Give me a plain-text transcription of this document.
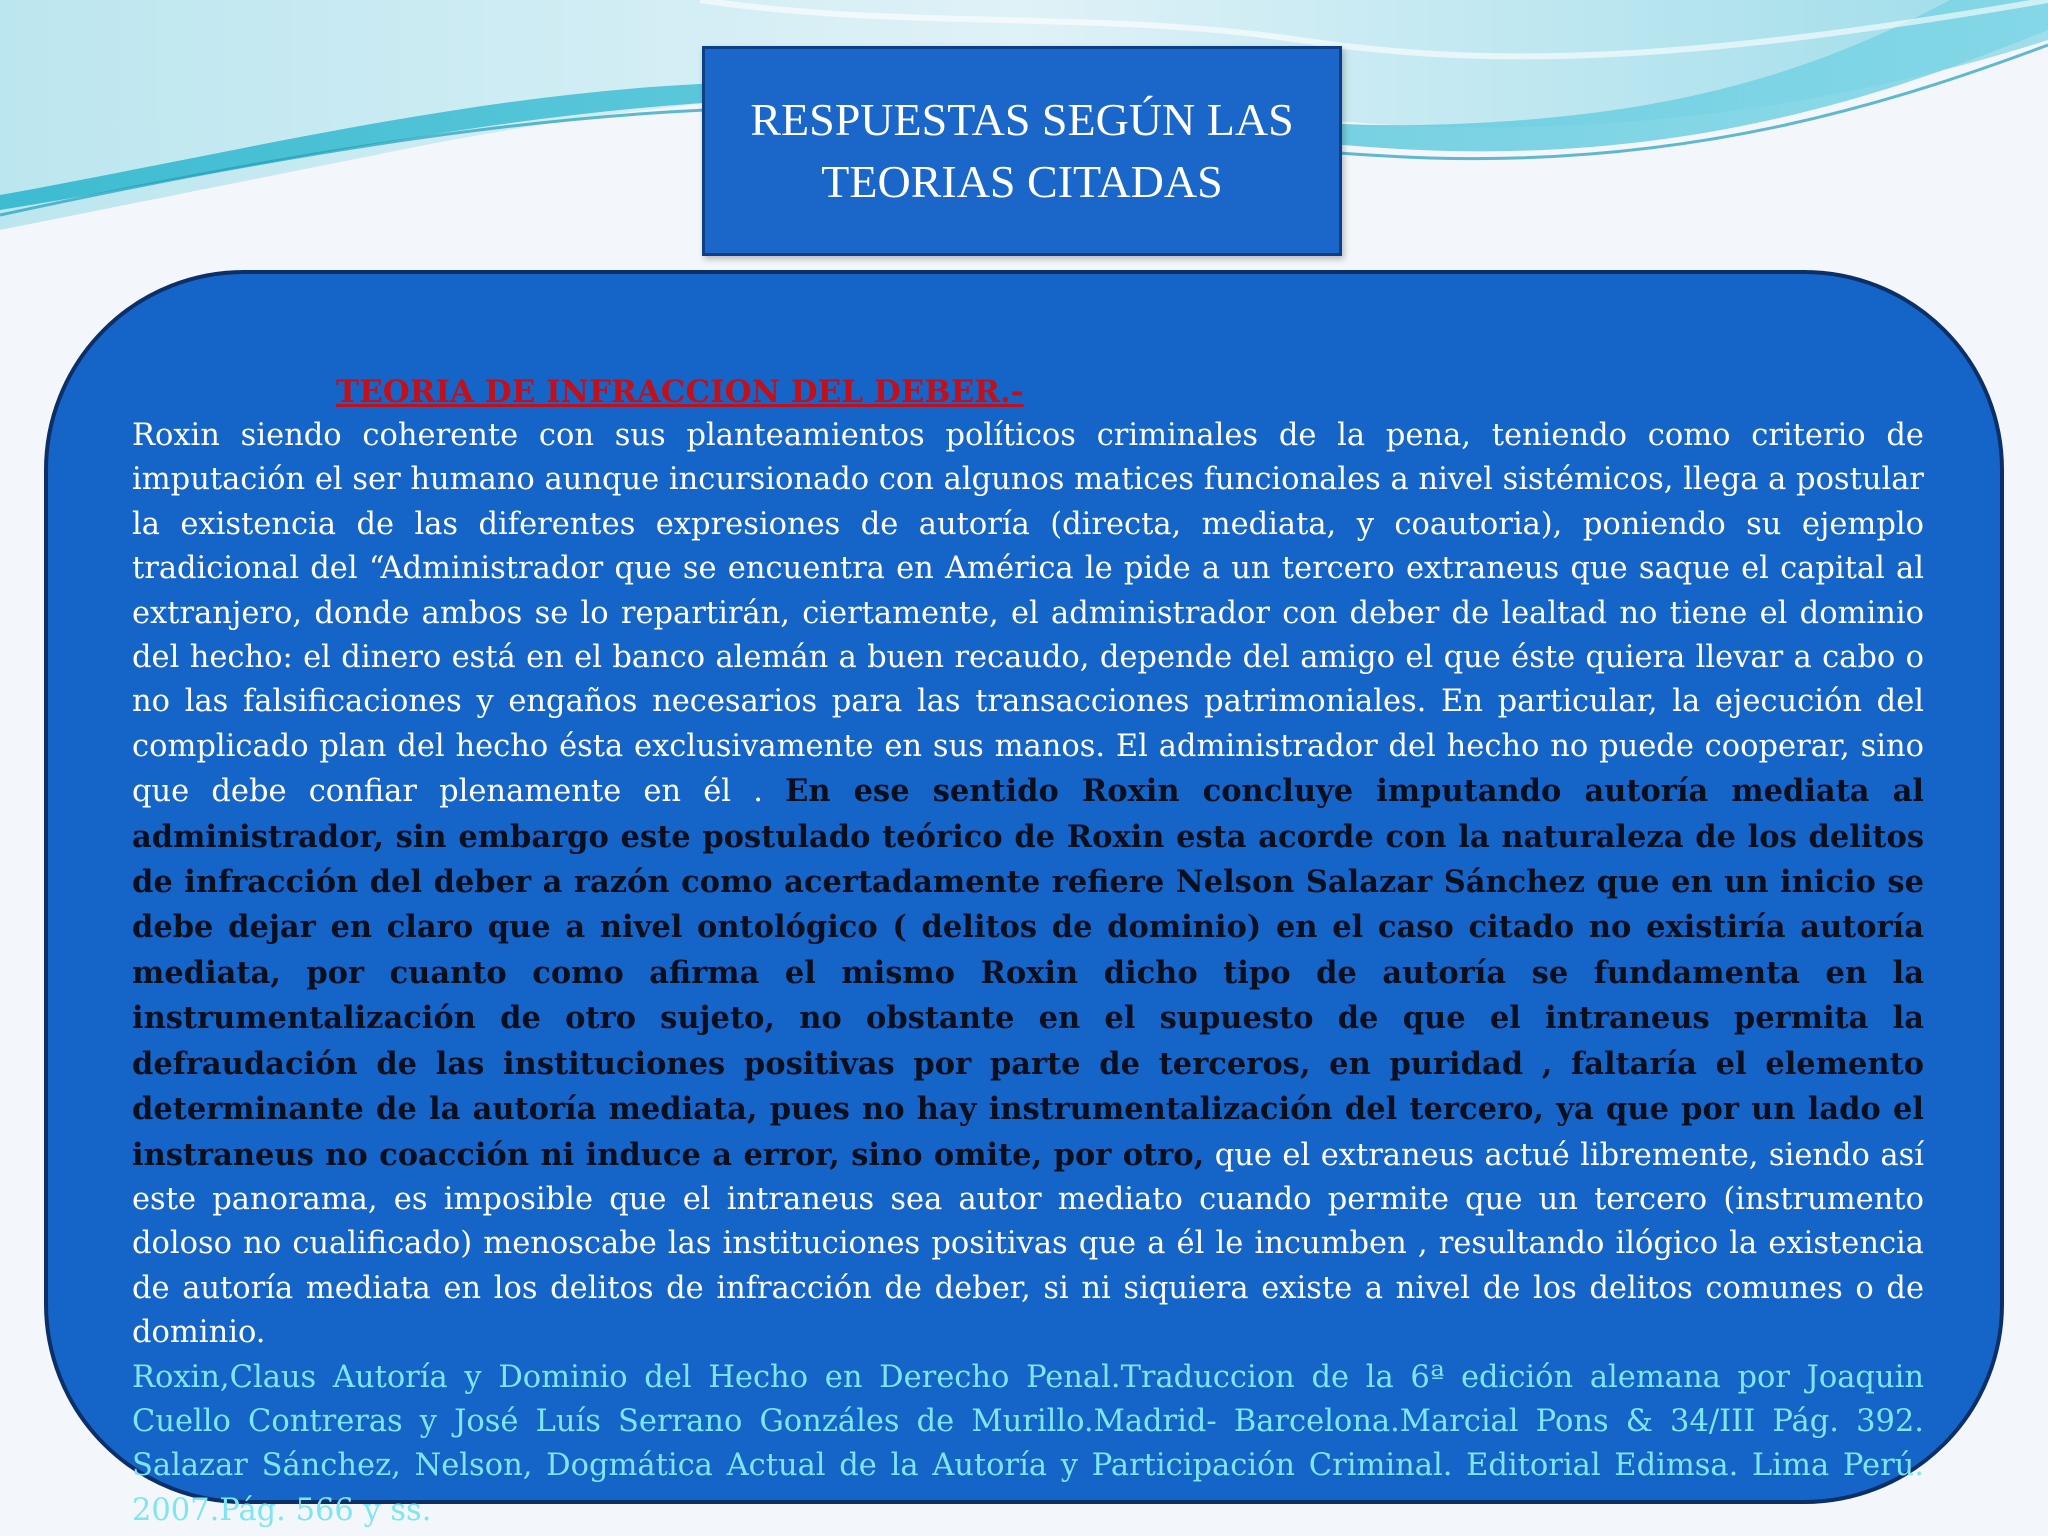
RESPUESTAS SEGÚN LAS TEORIAS CITADAS
TEORIA DE INFRACCION DEL DEBER.-
Roxin siendo coherente con sus planteamientos políticos criminales de la pena, teniendo como criterio de imputación el ser humano aunque incursionado con algunos matices funcionales a nivel sistémicos, llega a postular la existencia de las diferentes expresiones de autoría (directa, mediata, y coautoria), poniendo su ejemplo tradicional del “Administrador que se encuentra en América le pide a un tercero extraneus que saque el capital al extranjero, donde ambos se lo repartirán, ciertamente, el administrador con deber de lealtad no tiene el dominio del hecho: el dinero está en el banco alemán a buen recaudo, depende del amigo el que éste quiera llevar a cabo o no las falsificaciones y engaños necesarios para las transacciones patrimoniales. En particular, la ejecución del complicado plan del hecho ésta exclusivamente en sus manos. El administrador del hecho no puede cooperar, sino que debe confiar plenamente en él . En ese sentido Roxin concluye imputando autoría mediata al administrador, sin embargo este postulado teórico de Roxin esta acorde con la naturaleza de los delitos de infracción del deber a razón como acertadamente refiere Nelson Salazar Sánchez que en un inicio se debe dejar en claro que a nivel ontológico ( delitos de dominio) en el caso citado no existiría autoría mediata, por cuanto como afirma el mismo Roxin dicho tipo de autoría se fundamenta en la instrumentalización de otro sujeto, no obstante en el supuesto de que el intraneus permita la defraudación de las instituciones positivas por parte de terceros, en puridad , faltaría el elemento determinante de la autoría mediata, pues no hay instrumentalización del tercero, ya que por un lado el instraneus no coacción ni induce a error, sino omite, por otro, que el extraneus actué libremente, siendo así este panorama, es imposible que el intraneus sea autor mediato cuando permite que un tercero (instrumento doloso no cualificado) menoscabe las instituciones positivas que a él le incumben , resultando ilógico la existencia de autoría mediata en los delitos de infracción de deber, si ni siquiera existe a nivel de los delitos comunes o de dominio.
Roxin,Claus Autoría y Dominio del Hecho en Derecho Penal.Traduccion de la 6ª edición alemana por Joaquin Cuello Contreras y José Luís Serrano Gonzáles de Murillo.Madrid- Barcelona.Marcial Pons & 34/III Pág. 392. Salazar Sánchez, Nelson, Dogmática Actual de la Autoría y Participación Criminal. Editorial Edimsa. Lima Perú. 2007.Pág. 566 y ss.
